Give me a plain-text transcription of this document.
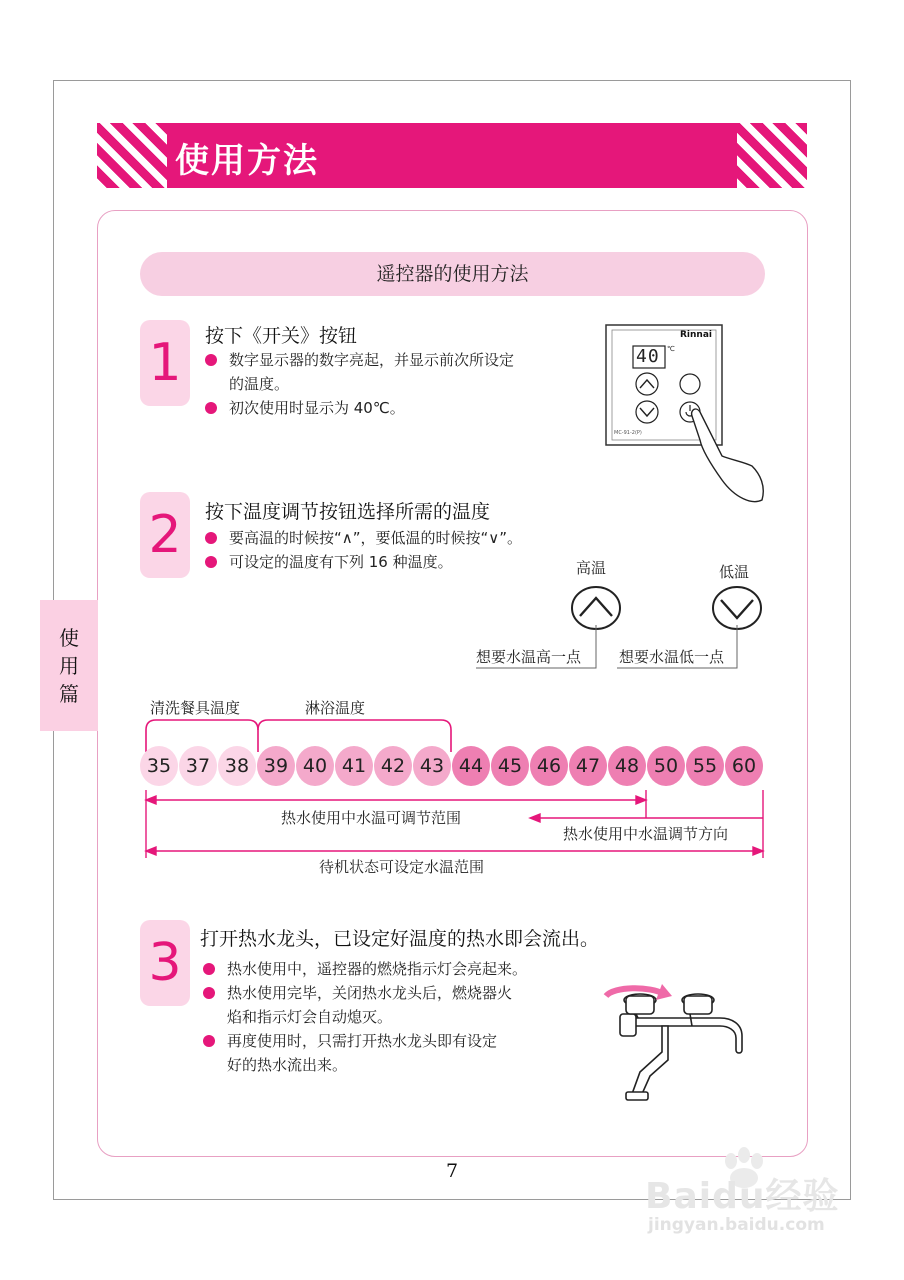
使用方法
遥控器的使用方法
使
用
篇
1	按下《开关》按钮
数字显示器的数字亮起，并显示前次所设定
的温度。
初次使用时显示为 40℃。
2	按下温度调节按钮选择所需的温度
要高温的时候按“∧”，要低温的时候按“∨”。
可设定的温度有下列 16 种温度。
3 打开热水龙头，已设定好温度的热水即会流出。
热水使用中，遥控器的燃烧指示灯会亮起来。
热水使用完毕，关闭热水龙头后，燃烧器火
焰和指示灯会自动熄灭。
再度使用时，只需打开热水龙头即有设定
好的热水流出来。
40 ℃
Rinnai
MC-91-2(P)
高温	低温
想要水温高一点	想要水温低一点
清洗餐具温度	淋浴温度
35 37 38 39 40 41 42 43 44 45 46 47 48 50 55 60
热水使用中水温可调节范围
热水使用中水温调节方向
待机状态可设定水温范围
7
Baidu经验
jingyan.baidu.com
